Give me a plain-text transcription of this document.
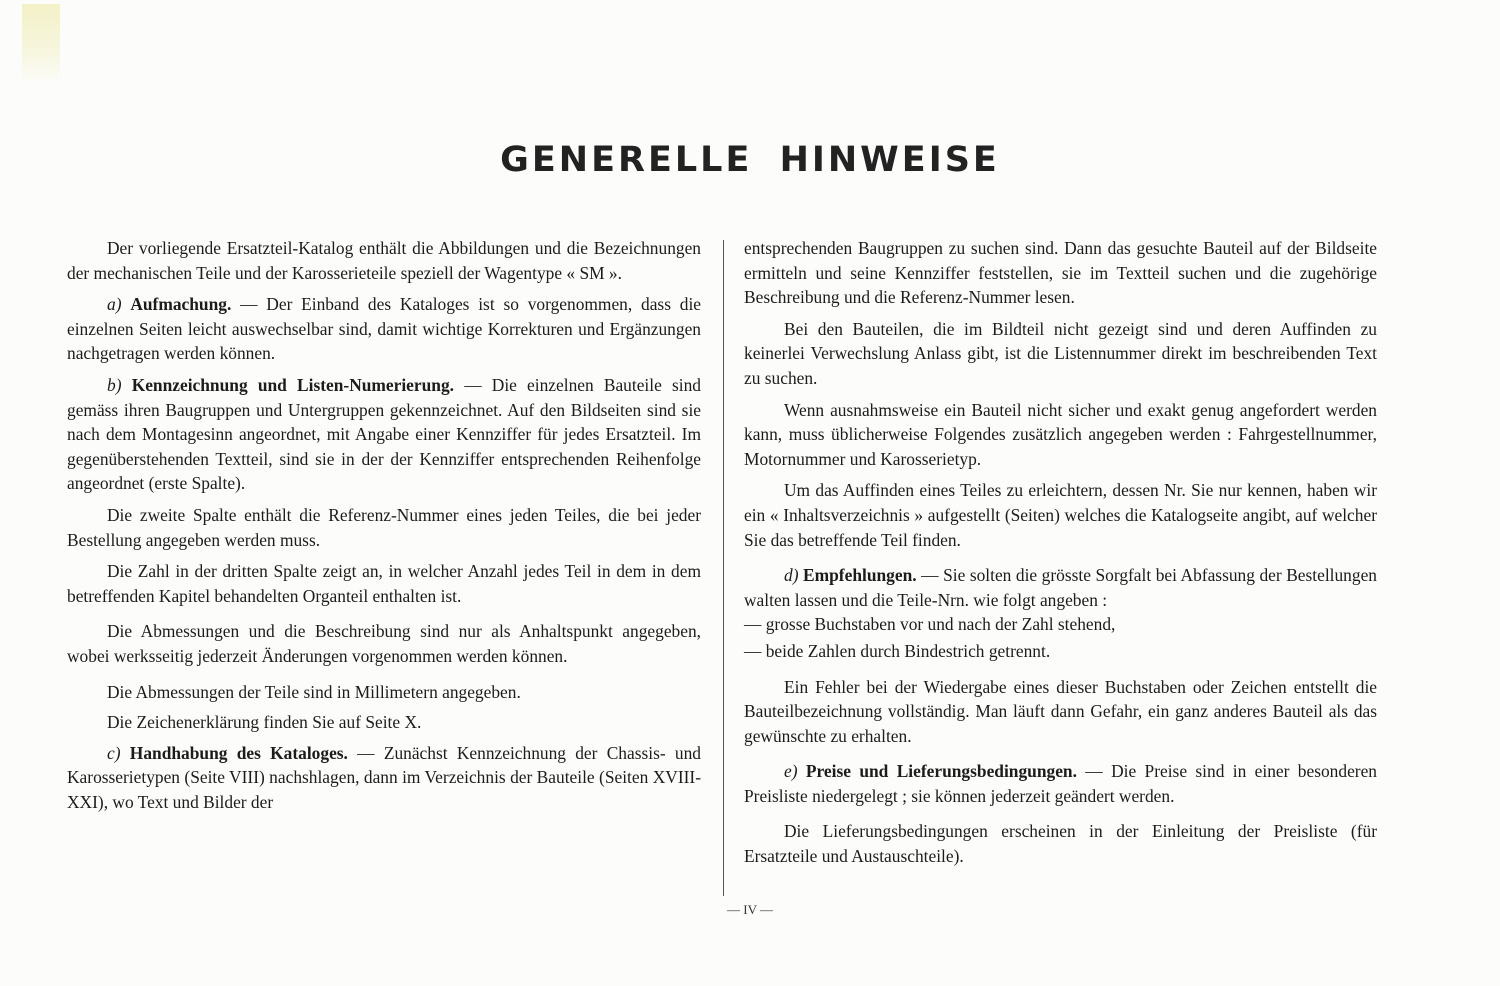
GENERELLE HINWEISE

Der vorliegende Ersatzteil-Katalog enthält die Abbildungen und die Bezeichnungen der mechanischen Teile und der Karosserieteile speziell der Wagentype « SM ».

a) Aufmachung. — Der Einband des Kataloges ist so vorgenommen, dass die einzelnen Seiten leicht auswechselbar sind, damit wichtige Korrekturen und Ergänzungen nachgetragen werden können.

b) Kennzeichnung und Listen-Numerierung. — Die einzelnen Bauteile sind gemäss ihren Baugruppen und Untergruppen gekennzeichnet. Auf den Bildseiten sind sie nach dem Montagesinn angeordnet, mit Angabe einer Kennziffer für jedes Ersatzteil. Im gegenüberstehenden Textteil, sind sie in der der Kennziffer entsprechenden Reihenfolge angeordnet (erste Spalte).

Die zweite Spalte enthält die Referenz-Nummer eines jeden Teiles, die bei jeder Bestellung angegeben werden muss.

Die Zahl in der dritten Spalte zeigt an, in welcher Anzahl jedes Teil in dem in dem betreffenden Kapitel behandelten Organteil enthalten ist.

Die Abmessungen und die Beschreibung sind nur als Anhaltspunkt angegeben, wobei werksseitig jederzeit Änderungen vorgenommen werden können.

Die Abmessungen der Teile sind in Millimetern angegeben.

Die Zeichenerklärung finden Sie auf Seite X.

c) Handhabung des Kataloges. — Zunächst Kennzeichnung der Chassis- und Karosserietypen (Seite VIII) nachshlagen, dann im Verzeichnis der Bauteile (Seiten XVIII-XXI), wo Text und Bilder der

entsprechenden Baugruppen zu suchen sind. Dann das gesuchte Bauteil auf der Bildseite ermitteln und seine Kennziffer feststellen, sie im Textteil suchen und die zugehörige Beschreibung und die Referenz-Nummer lesen.

Bei den Bauteilen, die im Bildteil nicht gezeigt sind und deren Auffinden zu keinerlei Verwechslung Anlass gibt, ist die Listennummer direkt im beschreibenden Text zu suchen.

Wenn ausnahmsweise ein Bauteil nicht sicher und exakt genug angefordert werden kann, muss üblicherweise Folgendes zusätzlich angegeben werden : Fahrgestellnummer, Motornummer und Karosserietyp.

Um das Auffinden eines Teiles zu erleichtern, dessen Nr. Sie nur kennen, haben wir ein « Inhaltsverzeichnis » aufgestellt (Seiten) welches die Katalogseite angibt, auf welcher Sie das betreffende Teil finden.

d) Empfehlungen. — Sie solten die grösste Sorgfalt bei Abfassung der Bestellungen walten lassen und die Teile-Nrn. wie folgt angeben :

— grosse Buchstaben vor und nach der Zahl stehend,

— beide Zahlen durch Bindestrich getrennt.

Ein Fehler bei der Wiedergabe eines dieser Buchstaben oder Zeichen entstellt die Bauteilbezeichnung vollständig. Man läuft dann Gefahr, ein ganz anderes Bauteil als das gewünschte zu erhalten.

e) Preise und Lieferungsbedingungen. — Die Preise sind in einer besonderen Preisliste niedergelegt ; sie können jederzeit geändert werden.

Die Lieferungsbedingungen erscheinen in der Einleitung der Preisliste (für Ersatzteile und Austauschteile).

— IV —
